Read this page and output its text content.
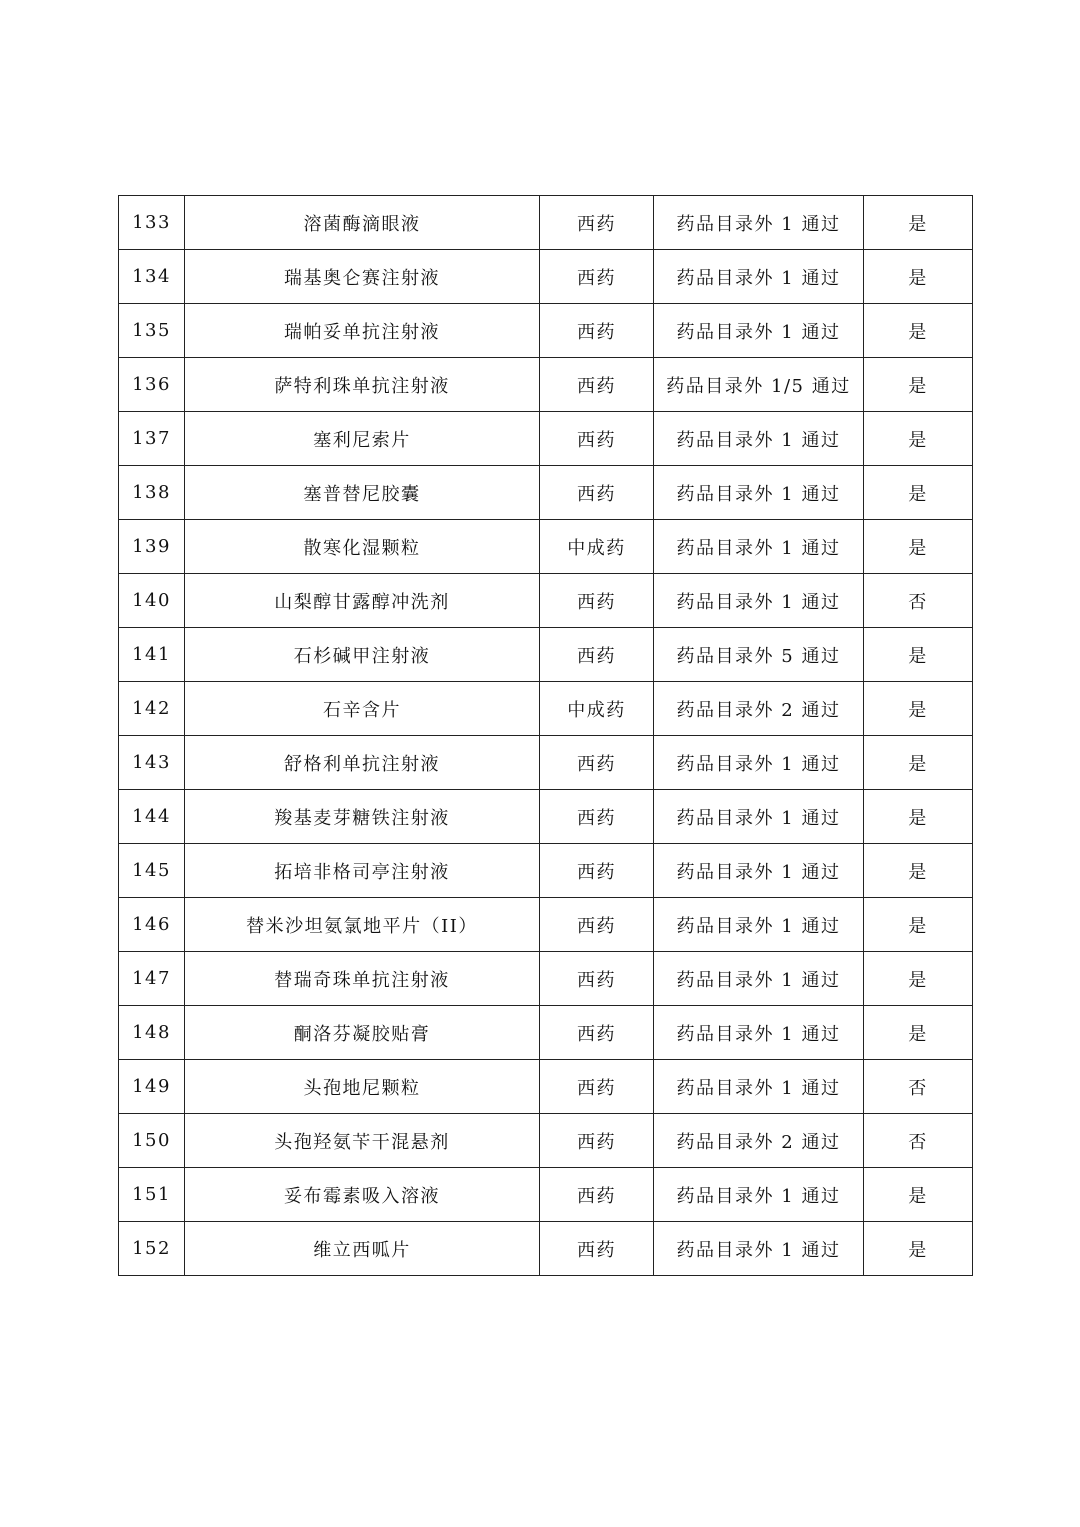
133	溶菌酶滴眼液	西药	药品目录外 1 通过	是
134	瑞基奥仑赛注射液	西药	药品目录外 1 通过	是
135	瑞帕妥单抗注射液	西药	药品目录外 1 通过	是
136	萨特利珠单抗注射液	西药	药品目录外 1/5 通过	是
137	塞利尼索片	西药	药品目录外 1 通过	是
138	塞普替尼胶囊	西药	药品目录外 1 通过	是
139	散寒化湿颗粒	中成药	药品目录外 1 通过	是
140	山梨醇甘露醇冲洗剂	西药	药品目录外 1 通过	否
141	石杉碱甲注射液	西药	药品目录外 5 通过	是
142	石辛含片	中成药	药品目录外 2 通过	是
143	舒格利单抗注射液	西药	药品目录外 1 通过	是
144	羧基麦芽糖铁注射液	西药	药品目录外 1 通过	是
145	拓培非格司亭注射液	西药	药品目录外 1 通过	是
146	替米沙坦氨氯地平片（II）	西药	药品目录外 1 通过	是
147	替瑞奇珠单抗注射液	西药	药品目录外 1 通过	是
148	酮洛芬凝胶贴膏	西药	药品目录外 1 通过	是
149	头孢地尼颗粒	西药	药品目录外 1 通过	否
150	头孢羟氨苄干混悬剂	西药	药品目录外 2 通过	否
151	妥布霉素吸入溶液	西药	药品目录外 1 通过	是
152	维立西呱片	西药	药品目录外 1 通过	是
